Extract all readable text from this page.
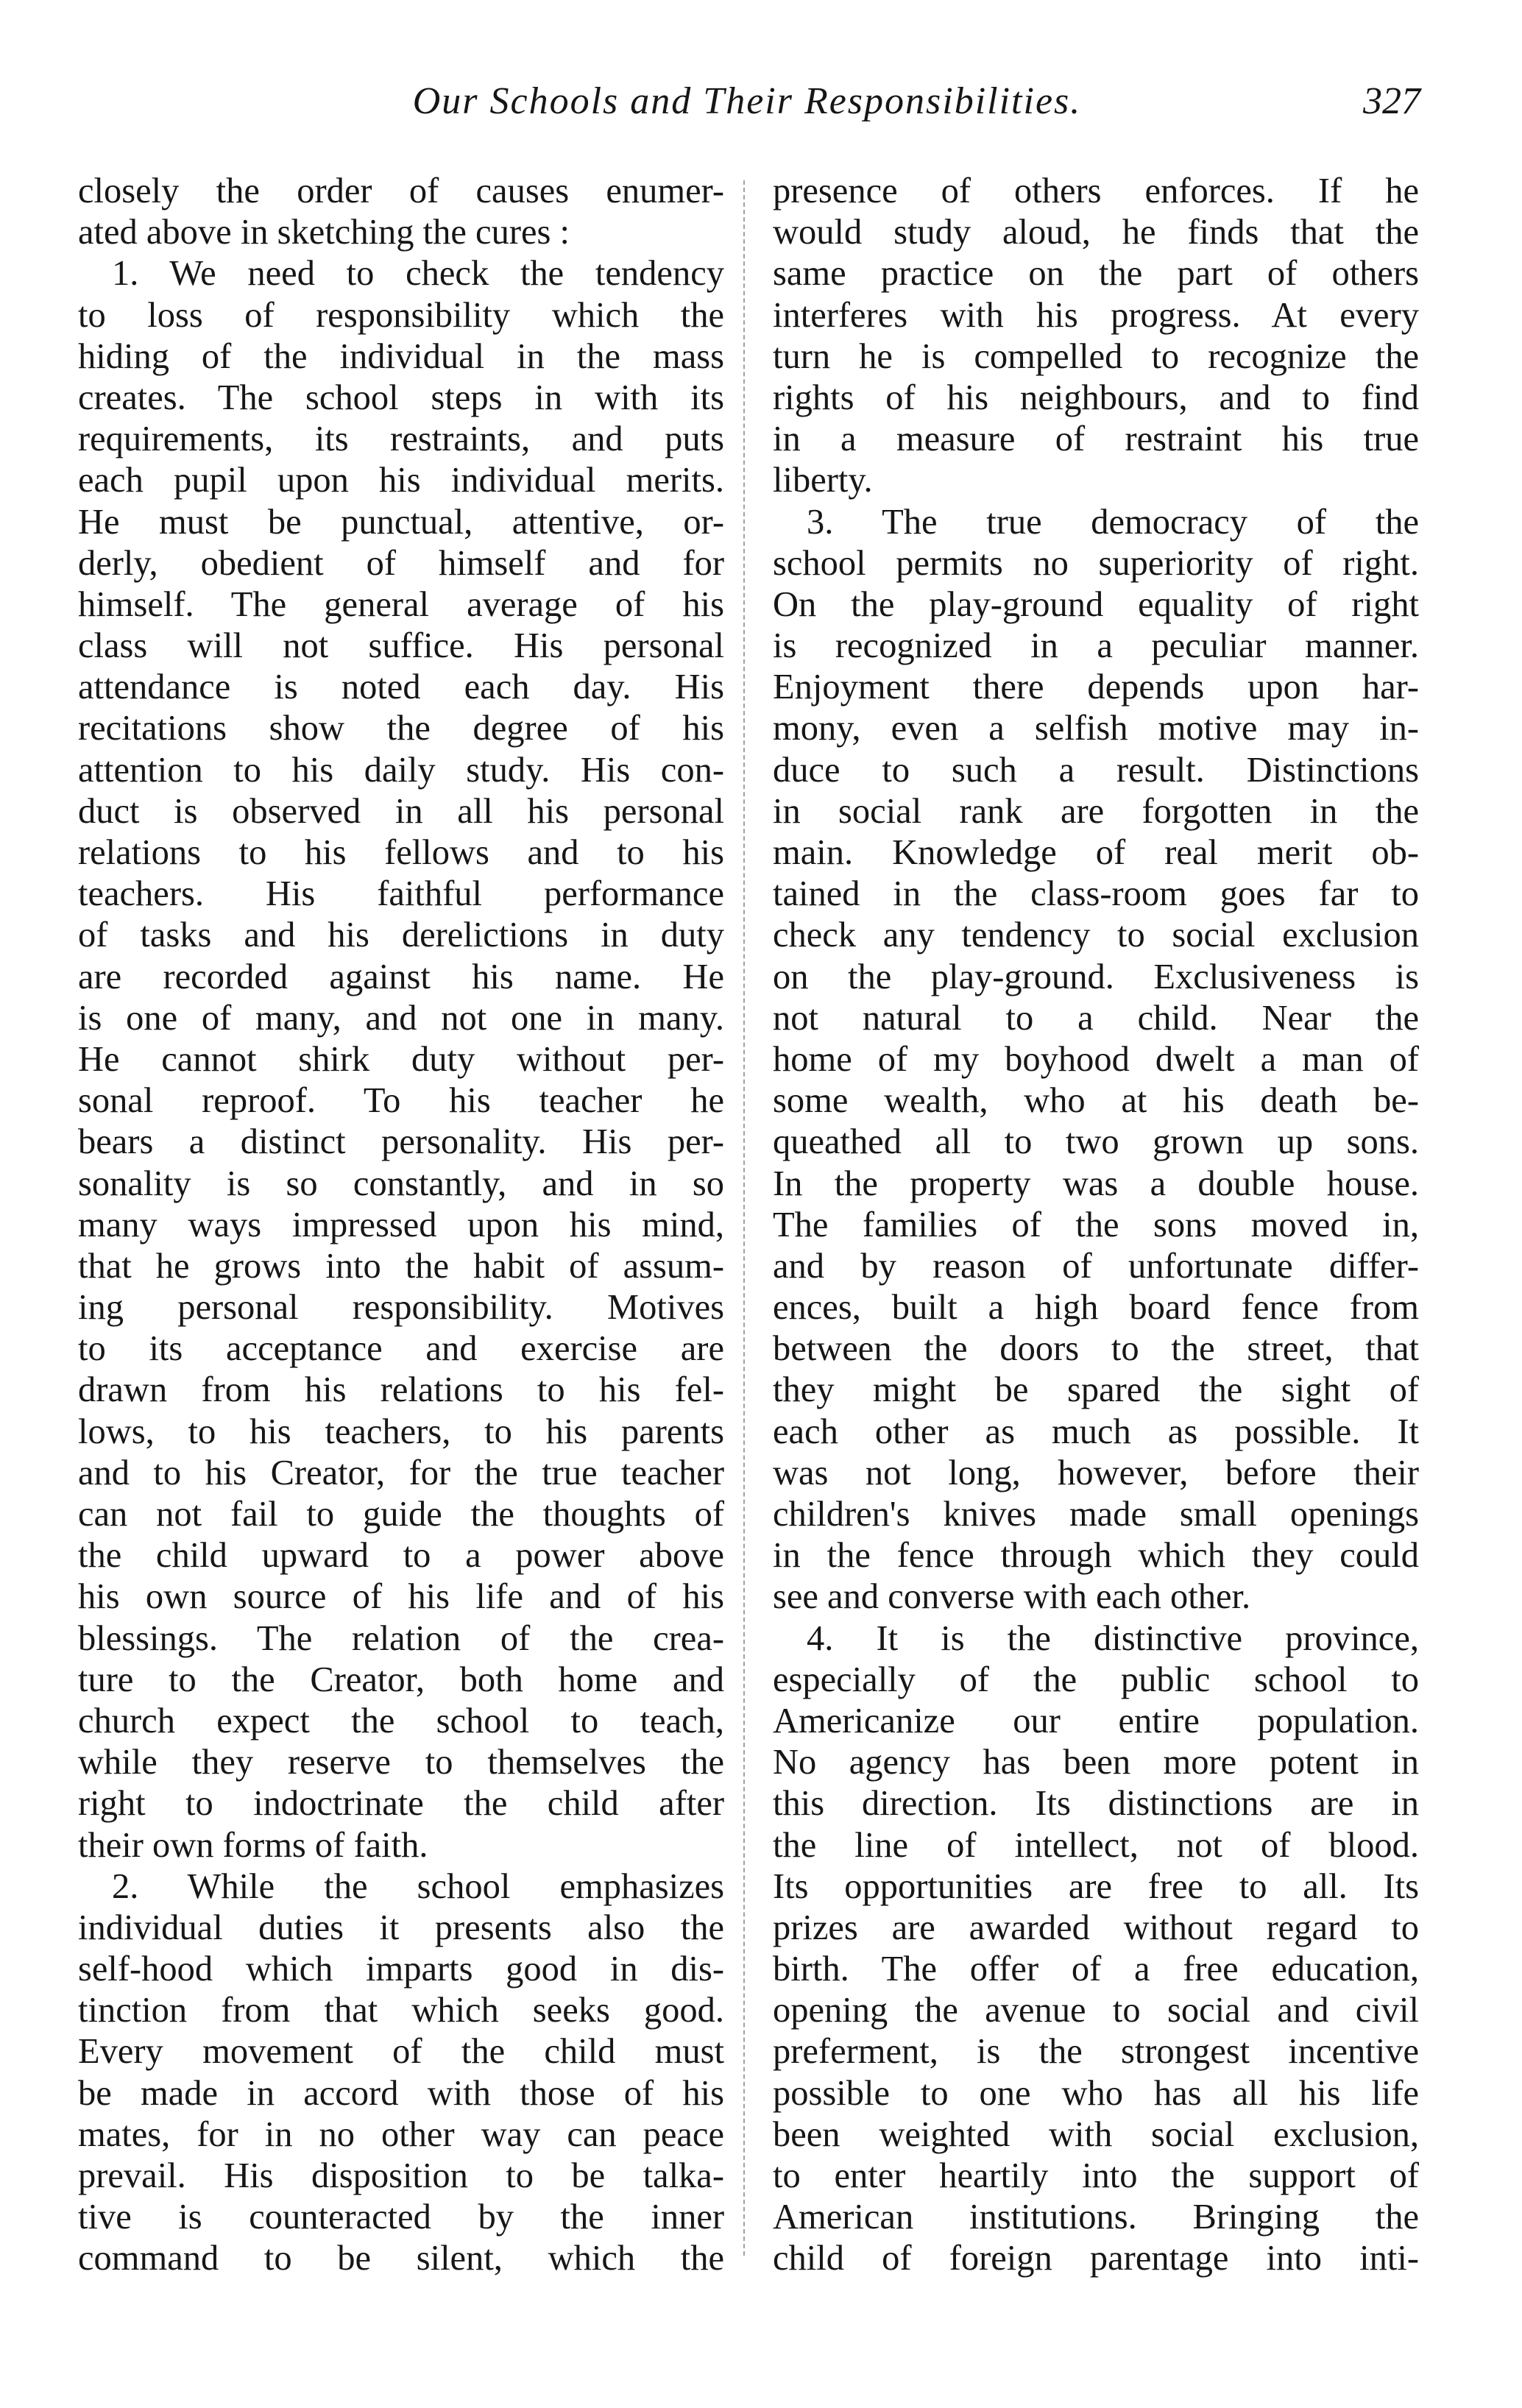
Our Schools and Their Responsibilities.	327
closely the order of causes enumer-
ated above in sketching the cures :
1. We need to check the tendency
to loss of responsibility which the
hiding of the individual in the mass
creates. The school steps in with its
requirements, its restraints, and puts
each pupil upon his individual merits.
He must be punctual, attentive, or-
derly, obedient of himself and for
himself. The general average of his
class will not suffice. His personal
attendance is noted each day. His
recitations show the degree of his
attention to his daily study. His con-
duct is observed in all his personal
relations to his fellows and to his
teachers. His faithful performance
of tasks and his derelictions in duty
are recorded against his name. He
is one of many, and not one in many.
He cannot shirk duty without per-
sonal reproof. To his teacher he
bears a distinct personality. His per-
sonality is so constantly, and in so
many ways impressed upon his mind,
that he grows into the habit of assum-
ing personal responsibility. Motives
to its acceptance and exercise are
drawn from his relations to his fel-
lows, to his teachers, to his parents
and to his Creator, for the true teacher
can not fail to guide the thoughts of
the child upward to a power above
his own source of his life and of his
blessings. The relation of the crea-
ture to the Creator, both home and
church expect the school to teach,
while they reserve to themselves the
right to indoctrinate the child after
their own forms of faith.
2. While the school emphasizes
individual duties it presents also the
self-hood which imparts good in dis-
tinction from that which seeks good.
Every movement of the child must
be made in accord with those of his
mates, for in no other way can peace
prevail. His disposition to be talka-
tive is counteracted by the inner
command to be silent, which the
presence of others enforces. If he
would study aloud, he finds that the
same practice on the part of others
interferes with his progress. At every
turn he is compelled to recognize the
rights of his neighbours, and to find
in a measure of restraint his true
liberty.
3. The true democracy of the
school permits no superiority of right.
On the play-ground equality of right
is recognized in a peculiar manner.
Enjoyment there depends upon har-
mony, even a selfish motive may in-
duce to such a result. Distinctions
in social rank are forgotten in the
main. Knowledge of real merit ob-
tained in the class-room goes far to
check any tendency to social exclusion
on the play-ground. Exclusiveness is
not natural to a child. Near the
home of my boyhood dwelt a man of
some wealth, who at his death be-
queathed all to two grown up sons.
In the property was a double house.
The families of the sons moved in,
and by reason of unfortunate differ-
ences, built a high board fence from
between the doors to the street, that
they might be spared the sight of
each other as much as possible. It
was not long, however, before their
children's knives made small openings
in the fence through which they could
see and converse with each other.
4. It is the distinctive province,
especially of the public school to
Americanize our entire population.
No agency has been more potent in
this direction. Its distinctions are in
the line of intellect, not of blood.
Its opportunities are free to all. Its
prizes are awarded without regard to
birth. The offer of a free education,
opening the avenue to social and civil
preferment, is the strongest incentive
possible to one who has all his life
been weighted with social exclusion,
to enter heartily into the support of
American institutions. Bringing the
child of foreign parentage into inti-
